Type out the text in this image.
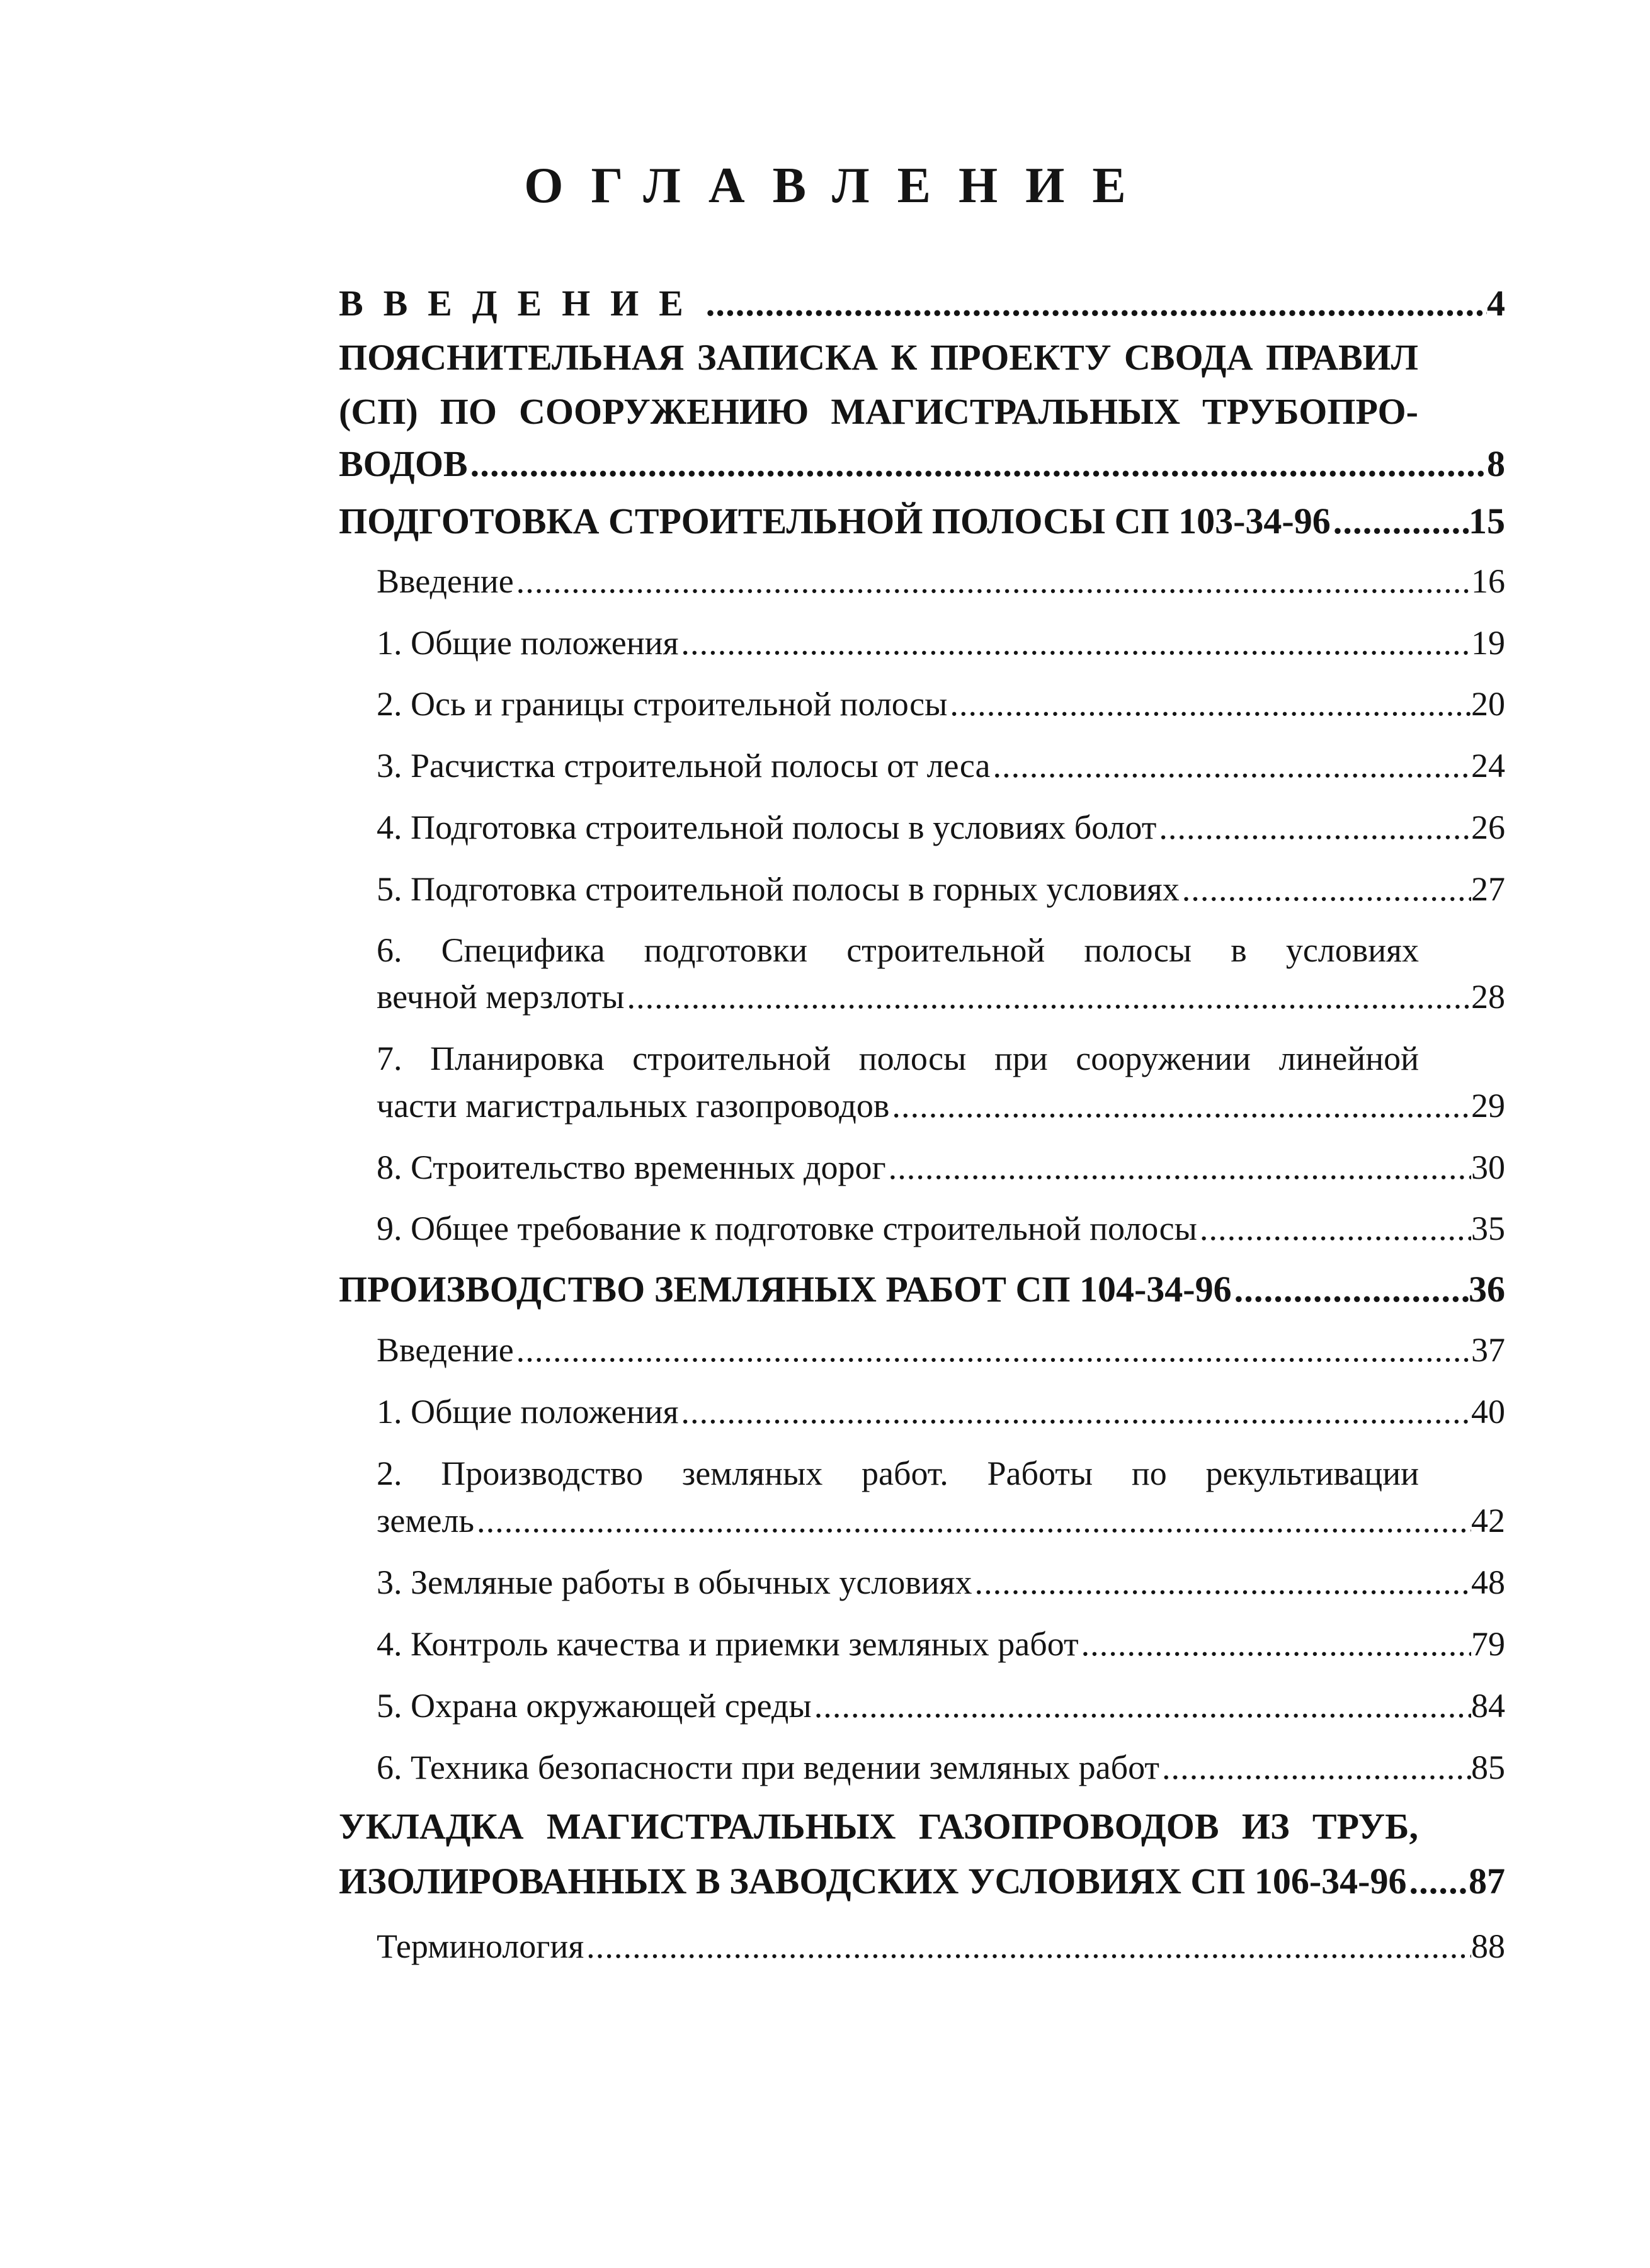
ОГЛАВЛЕНИЕ
ВВЕДЕНИЕ .....	4
ПОЯСНИТЕЛЬНАЯ ЗАПИСКА К ПРОЕКТУ СВОДА ПРАВИЛ
(СП) ПО СООРУЖЕНИЮ МАГИСТРАЛЬНЫХ ТРУБОПРО-
ВОДОВ .....	8
ПОДГОТОВКА СТРОИТЕЛЬНОЙ ПОЛОСЫ СП 103-34-96 .....	15
Введение .....	16
1. Общие положения .....	19
2. Ось и границы строительной полосы .....	20
3. Расчистка строительной полосы от леса .....	24
4. Подготовка строительной полосы в условиях болот .....	26
5. Подготовка строительной полосы в горных условиях .....	27
6. Специфика подготовки строительной полосы в условиях
вечной мерзлоты .....	28
7. Планировка строительной полосы при сооружении линейной
части магистральных газопроводов .....	29
8. Строительство временных дорог .....	30
9. Общее требование к подготовке строительной полосы .....	35
ПРОИЗВОДСТВО ЗЕМЛЯНЫХ РАБОТ СП 104-34-96 .....	36
Введение .....	37
1. Общие положения .....	40
2. Производство земляных работ. Работы по рекультивации
земель .....	42
3. Земляные работы в обычных условиях .....	48
4. Контроль качества и приемки земляных работ .....	79
5. Охрана окружающей среды .....	84
6. Техника безопасности при ведении земляных работ .....	85
УКЛАДКА МАГИСТРАЛЬНЫХ ГАЗОПРОВОДОВ ИЗ ТРУБ,
ИЗОЛИРОВАННЫХ В ЗАВОДСКИХ УСЛОВИЯХ СП 106-34-96 ..... 87
Терминология .....	88
